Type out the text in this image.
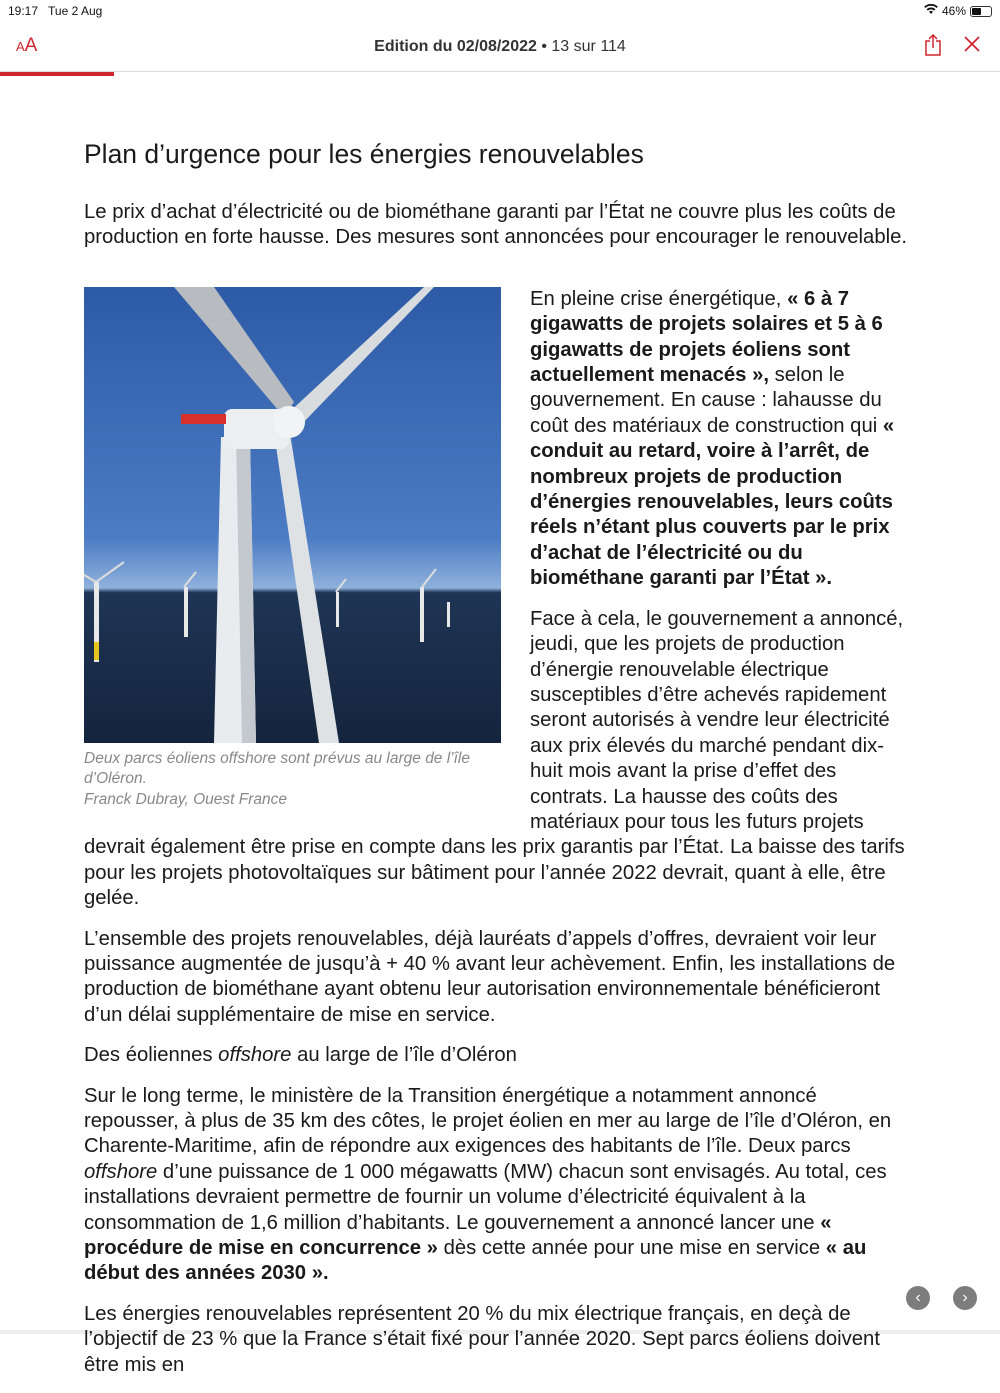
19:17 Tue 2 Aug	46%
AA	Edition du 02/08/2022 • 13 sur 114
Plan d’urgence pour les énergies renouvelables
Le prix d’achat d’électricité ou de biométhane garanti par l’État ne couvre plus les coûts de production en forte hausse. Des mesures sont annoncées pour encourager le renouvelable.
Deux parcs éoliens offshore sont prévus au large de l’île d’Oléron.
Franck Dubray, Ouest France

En pleine crise énergétique, « 6 à 7 gigawatts de projets solaires et 5 à 6 gigawatts de projets éoliens sont actuellement menacés », selon le gouvernement. En cause : lahausse du coût des matériaux de construction qui « conduit au retard, voire à l’arrêt, de nombreux projets de production d’énergies renouvelables, leurs coûts réels n’étant plus couverts par le prix d’achat de l’électricité ou du biométhane garanti par l’État ».

Face à cela, le gouvernement a annoncé, jeudi, que les projets de production d’énergie renouvelable électrique susceptibles d’être achevés rapidement seront autorisés à vendre leur électricité aux prix élevés du marché pendant dix-huit mois avant la prise d’effet des contrats. La hausse des coûts des matériaux pour tous les futurs projets devrait également être prise en compte dans les prix garantis par l’État. La baisse des tarifs pour les projets photovoltaïques sur bâtiment pour l’année 2022 devrait, quant à elle, être gelée.

L’ensemble des projets renouvelables, déjà lauréats d’appels d’offres, devraient voir leur puissance augmentée de jusqu’à + 40 % avant leur achèvement. Enfin, les installations de production de biométhane ayant obtenu leur autorisation environnementale bénéficieront d’un délai supplémentaire de mise en service.

Des éoliennes offshore au large de l’île d’Oléron

Sur le long terme, le ministère de la Transition énergétique a notamment annoncé repousser, à plus de 35 km des côtes, le projet éolien en mer au large de l’île d’Oléron, en Charente-Maritime, afin de répondre aux exigences des habitants de l’île. Deux parcs offshore d’une puissance de 1 000 mégawatts (MW) chacun sont envisagés. Au total, ces installations devraient permettre de fournir un volume d’électricité équivalent à la consommation de 1,6 million d’habitants. Le gouvernement a annoncé lancer une « procédure de mise en concurrence » dès cette année pour une mise en service « au début des années 2030 ».

Les énergies renouvelables représentent 20 % du mix électrique français, en deçà de l’objectif de 23 % que la France s’était fixé pour l’année 2020. Sept parcs éoliens doivent être mis en

‹	›
